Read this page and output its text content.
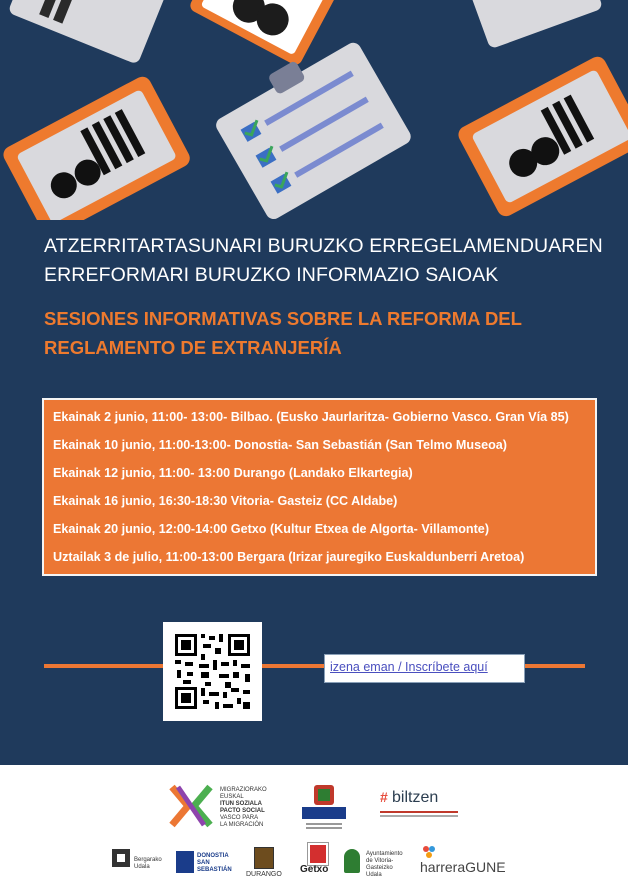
ATZERRITARTASUNARI BURUZKO ERREGELAMENDUAREN
ERREFORMARI BURUZKO INFORMAZIO SAIOAK
SESIONES INFORMATIVAS SOBRE LA REFORMA DEL
REGLAMENTO DE EXTRANJERÍA
Ekainak 2 junio, 11:00- 13:00- Bilbao. (Eusko Jaurlaritza- Gobierno Vasco. Gran Vía 85)
Ekainak 10 junio, 11:00-13:00- Donostia- San Sebastián (San Telmo Museoa)
Ekainak 12 junio, 11:00- 13:00 Durango (Landako Elkartegia)
Ekainak 16 junio, 16:30-18:30 Vitoria- Gasteiz (CC Aldabe)
Ekainak 20 junio, 12:00-14:00 Getxo (Kultur Etxea de Algorta- Villamonte)
Uztailak 3 de julio, 11:00-13:00 Bergara (Irizar jauregiko Euskaldunberri Aretoa)
izena eman / Inscríbete aquí
MIGRAZIORAKO
EUSKAL
ITUN SOZIALA
PACTO SOCIAL
VASCO PARA
LA MIGRACIÓN
# biltzen
Bergarako
Udala
DONOSTIA
SAN SEBASTIÁN
DURANGO Getxo
Ayuntamiento
de Vitoria-Gasteizko
Udala	harreraGUNE
